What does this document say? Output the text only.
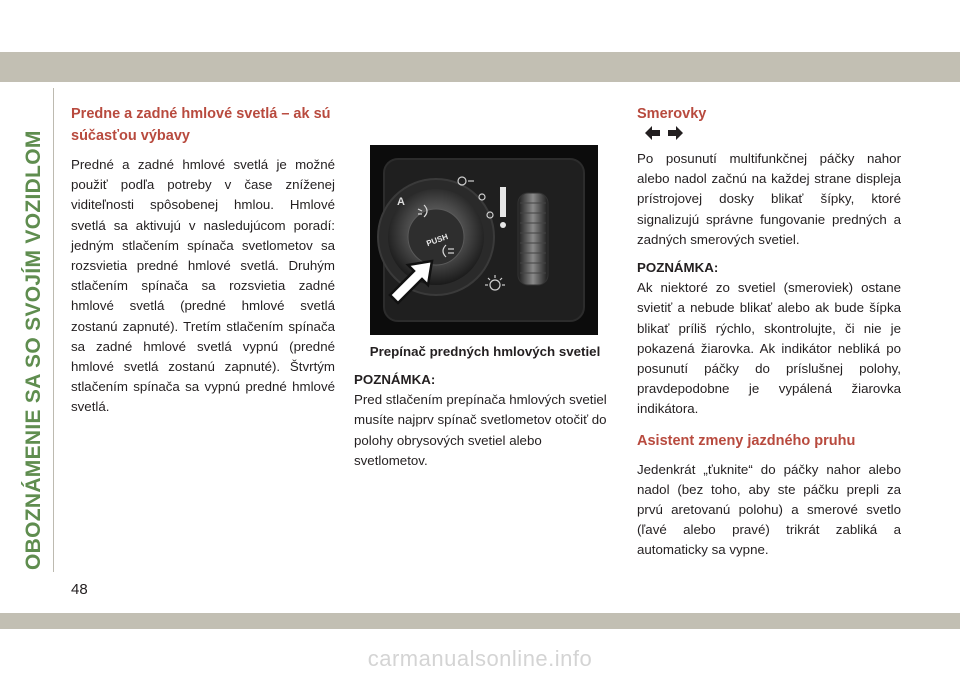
OBOZNÁMENIE SA SO SVOJÍM VOZIDLOM
Predne a zadné hmlové svetlá – ak sú súčasťou výbavy

Predné a zadné hmlové svetlá je možné použiť podľa potreby v čase zníženej viditeľnosti spôsobenej hmlou. Hmlové svetlá sa aktivujú v nasledujúcom poradí: jedným stlačením spínača svetlometov sa rozsvietia predné hmlové svetlá. Druhým stlačením spínača sa rozsvietia zadné hmlové svetlá (predné hmlové svetlá zostanú zapnuté). Tretím stlačením spínača sa zadné hmlové svetlá vypnú (predné hmlové svetlá zostanú zapnuté). Štvrtým stlačením spínača sa vypnú predné hmlové svetlá.

A
PUSH
Prepínač predných hmlových svetiel
POZNÁMKA:

Pred stlačením prepínača hmlových svetiel musíte najprv spínač svetlometov otočiť do polohy obrysových svetiel alebo svetlometov.

Smerovky

Po posunutí multifunkčnej páčky nahor alebo nadol začnú na každej strane displeja prístrojovej dosky blikať šípky, ktoré signalizujú správne fungovanie predných a zadných smerových svetiel.

POZNÁMKA:

Ak niektoré zo svetiel (smeroviek) ostane svietiť a nebude blikať alebo ak bude šípka blikať príliš rýchlo, skontrolujte, či nie je pokazená žiarovka. Ak indikátor nebliká po posunutí páčky do príslušnej polohy, pravdepodobne je vypálená žiarovka indikátora.

Asistent zmeny jazdného pruhu

Jedenkrát „ťuknite“ do páčky nahor alebo nadol (bez toho, aby ste páčku prepli za prvú aretovanú polohu) a smerové svetlo (ľavé alebo pravé) trikrát zabliká a automaticky sa vypne.

48
carmanualsonline.info
